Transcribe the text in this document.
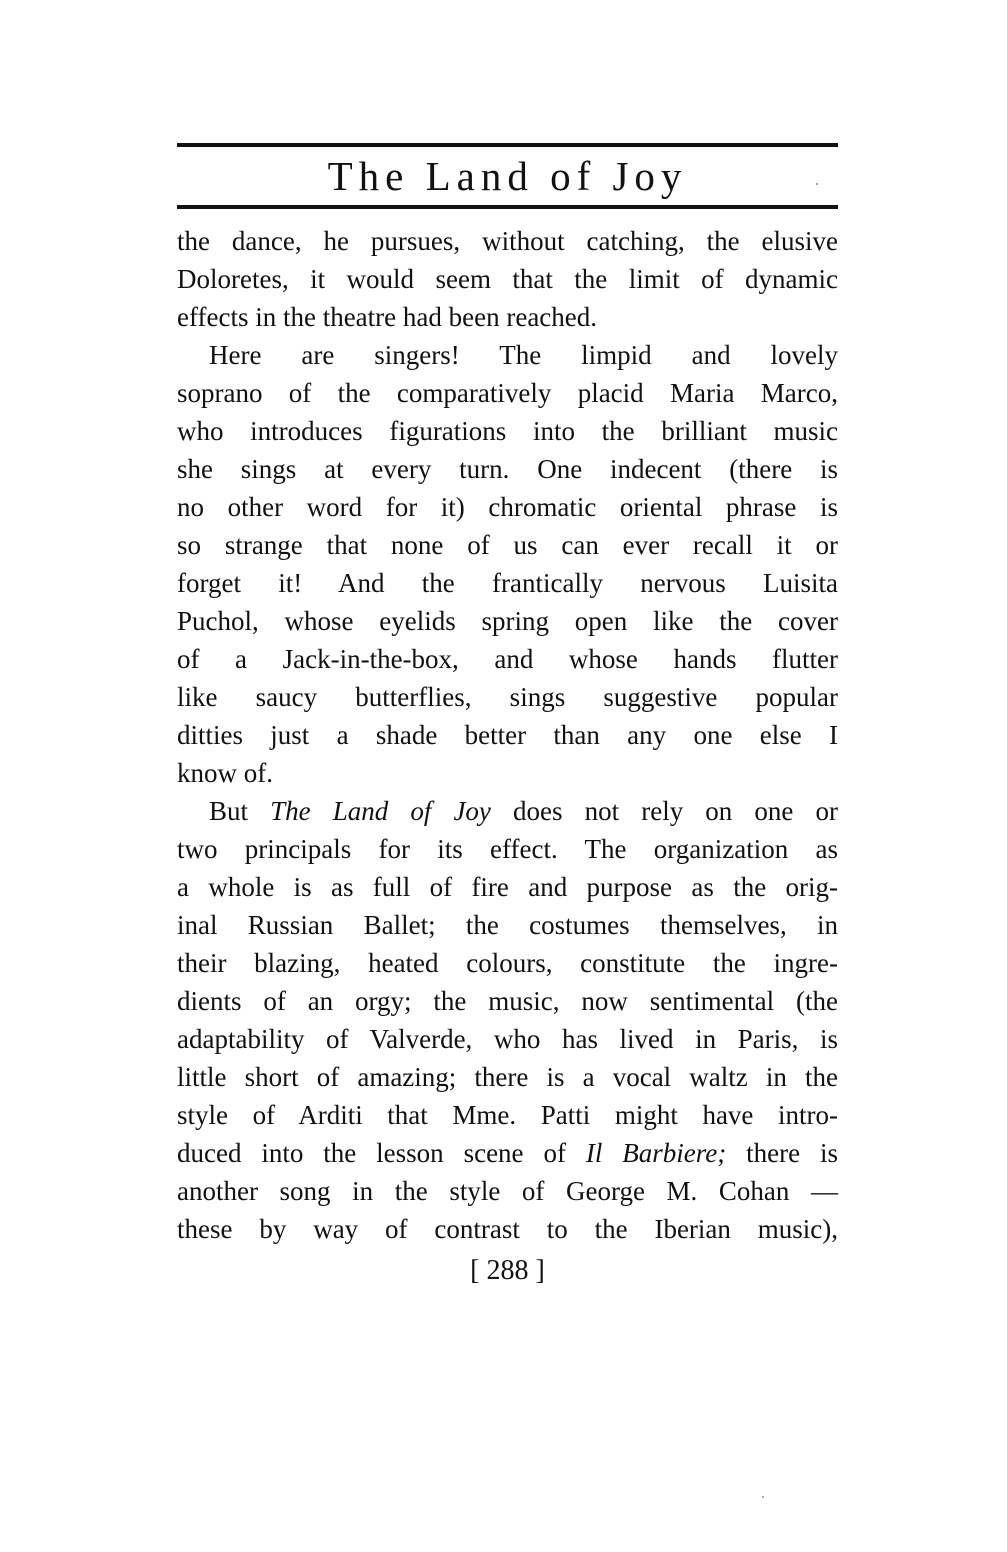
The Land of Joy
the dance, he pursues, without catching, the elusive
Doloretes, it would seem that the limit of dynamic
effects in the theatre had been reached.
Here are singers! The limpid and lovely
soprano of the comparatively placid Maria Marco,
who introduces figurations into the brilliant music
she sings at every turn. One indecent (there is
no other word for it) chromatic oriental phrase is
so strange that none of us can ever recall it or
forget it! And the frantically nervous Luisita
Puchol, whose eyelids spring open like the cover
of a Jack-in-the-box, and whose hands flutter
like saucy butterflies, sings suggestive popular
ditties just a shade better than any one else I
know of.
But The Land of Joy does not rely on one or
two principals for its effect. The organization as
a whole is as full of fire and purpose as the orig-
inal Russian Ballet; the costumes themselves, in
their blazing, heated colours, constitute the ingre-
dients of an orgy; the music, now sentimental (the
adaptability of Valverde, who has lived in Paris, is
little short of amazing; there is a vocal waltz in the
style of Arditi that Mme. Patti might have intro-
duced into the lesson scene of Il Barbiere; there is
another song in the style of George M. Cohan —
these by way of contrast to the Iberian music),
[ 288 ]
